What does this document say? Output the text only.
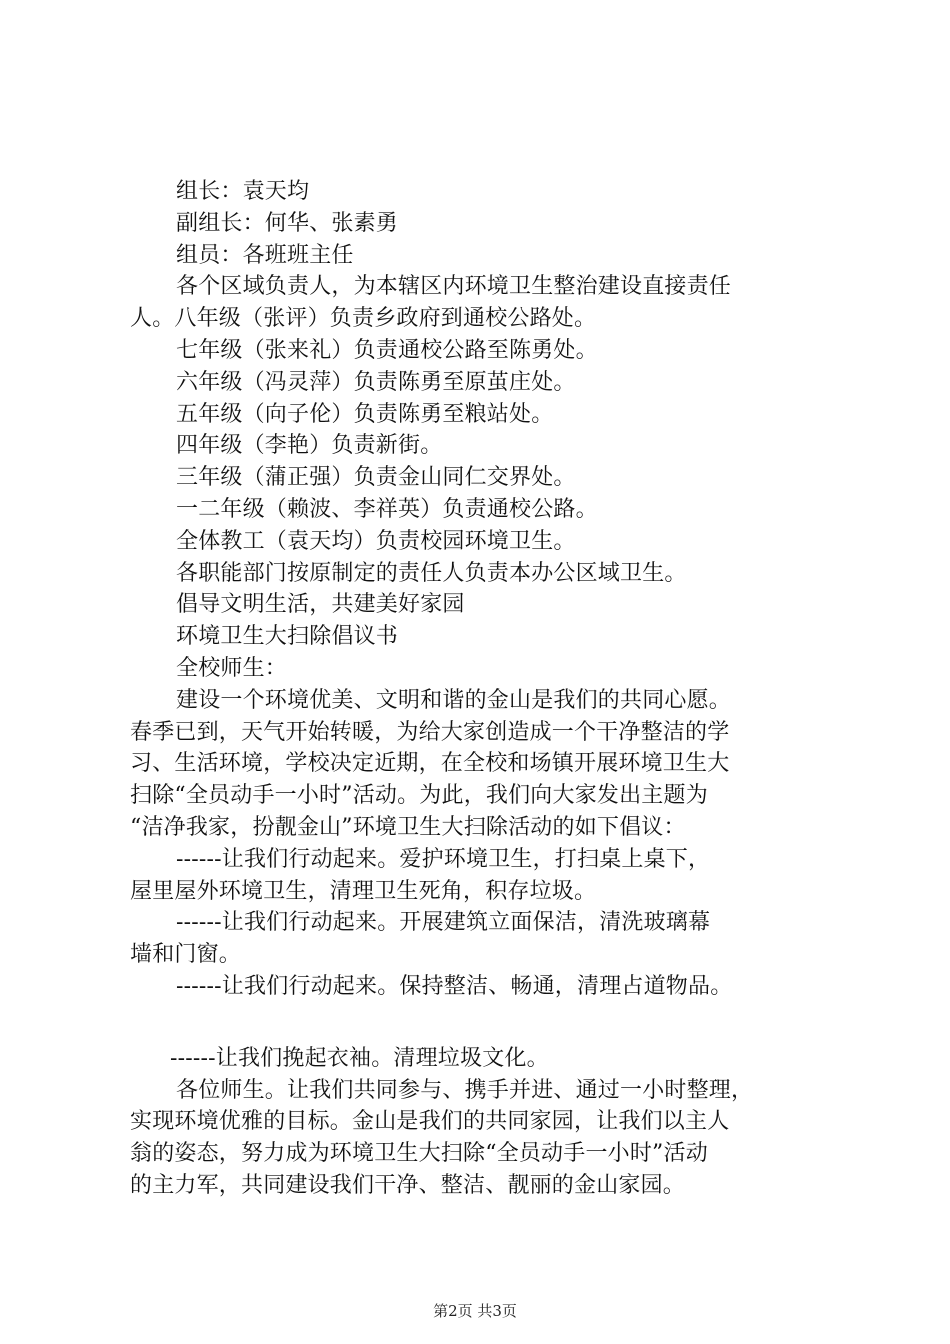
组长：袁天均
副组长：何华、张素勇
组员：各班班主任
各个区域负责人，为本辖区内环境卫生整治建设直接责任
人。八年级（张评）负责乡政府到通校公路处。
七年级（张来礼）负责通校公路至陈勇处。
六年级（冯灵萍）负责陈勇至原茧庄处。
五年级（向子伦）负责陈勇至粮站处。
四年级（李艳）负责新街。
三年级（蒲正强）负责金山同仁交界处。
一二年级（赖波、李祥英）负责通校公路。
全体教工（袁天均）负责校园环境卫生。
各职能部门按原制定的责任人负责本办公区域卫生。
倡导文明生活，共建美好家园
环境卫生大扫除倡议书
全校师生：
建设一个环境优美、文明和谐的金山是我们的共同心愿。
春季已到，天气开始转暖，为给大家创造成一个干净整洁的学
习、生活环境，学校决定近期，在全校和场镇开展环境卫生大
扫除“全员动手一小时”活动。为此，我们向大家发出主题为
“洁净我家，扮靓金山”环境卫生大扫除活动的如下倡议：
------让我们行动起来。爱护环境卫生，打扫桌上桌下，
屋里屋外环境卫生，清理卫生死角，积存垃圾。
------让我们行动起来。开展建筑立面保洁，清洗玻璃幕
墙和门窗。
------让我们行动起来。保持整洁、畅通，清理占道物品。
------让我们挽起衣袖。清理垃圾文化。
各位师生。让我们共同参与、携手并进、通过一小时整理，
实现环境优雅的目标。金山是我们的共同家园，让我们以主人
翁的姿态，努力成为环境卫生大扫除“全员动手一小时”活动
的主力军，共同建设我们干净、整洁、靓丽的金山家园。
第2页 共3页
